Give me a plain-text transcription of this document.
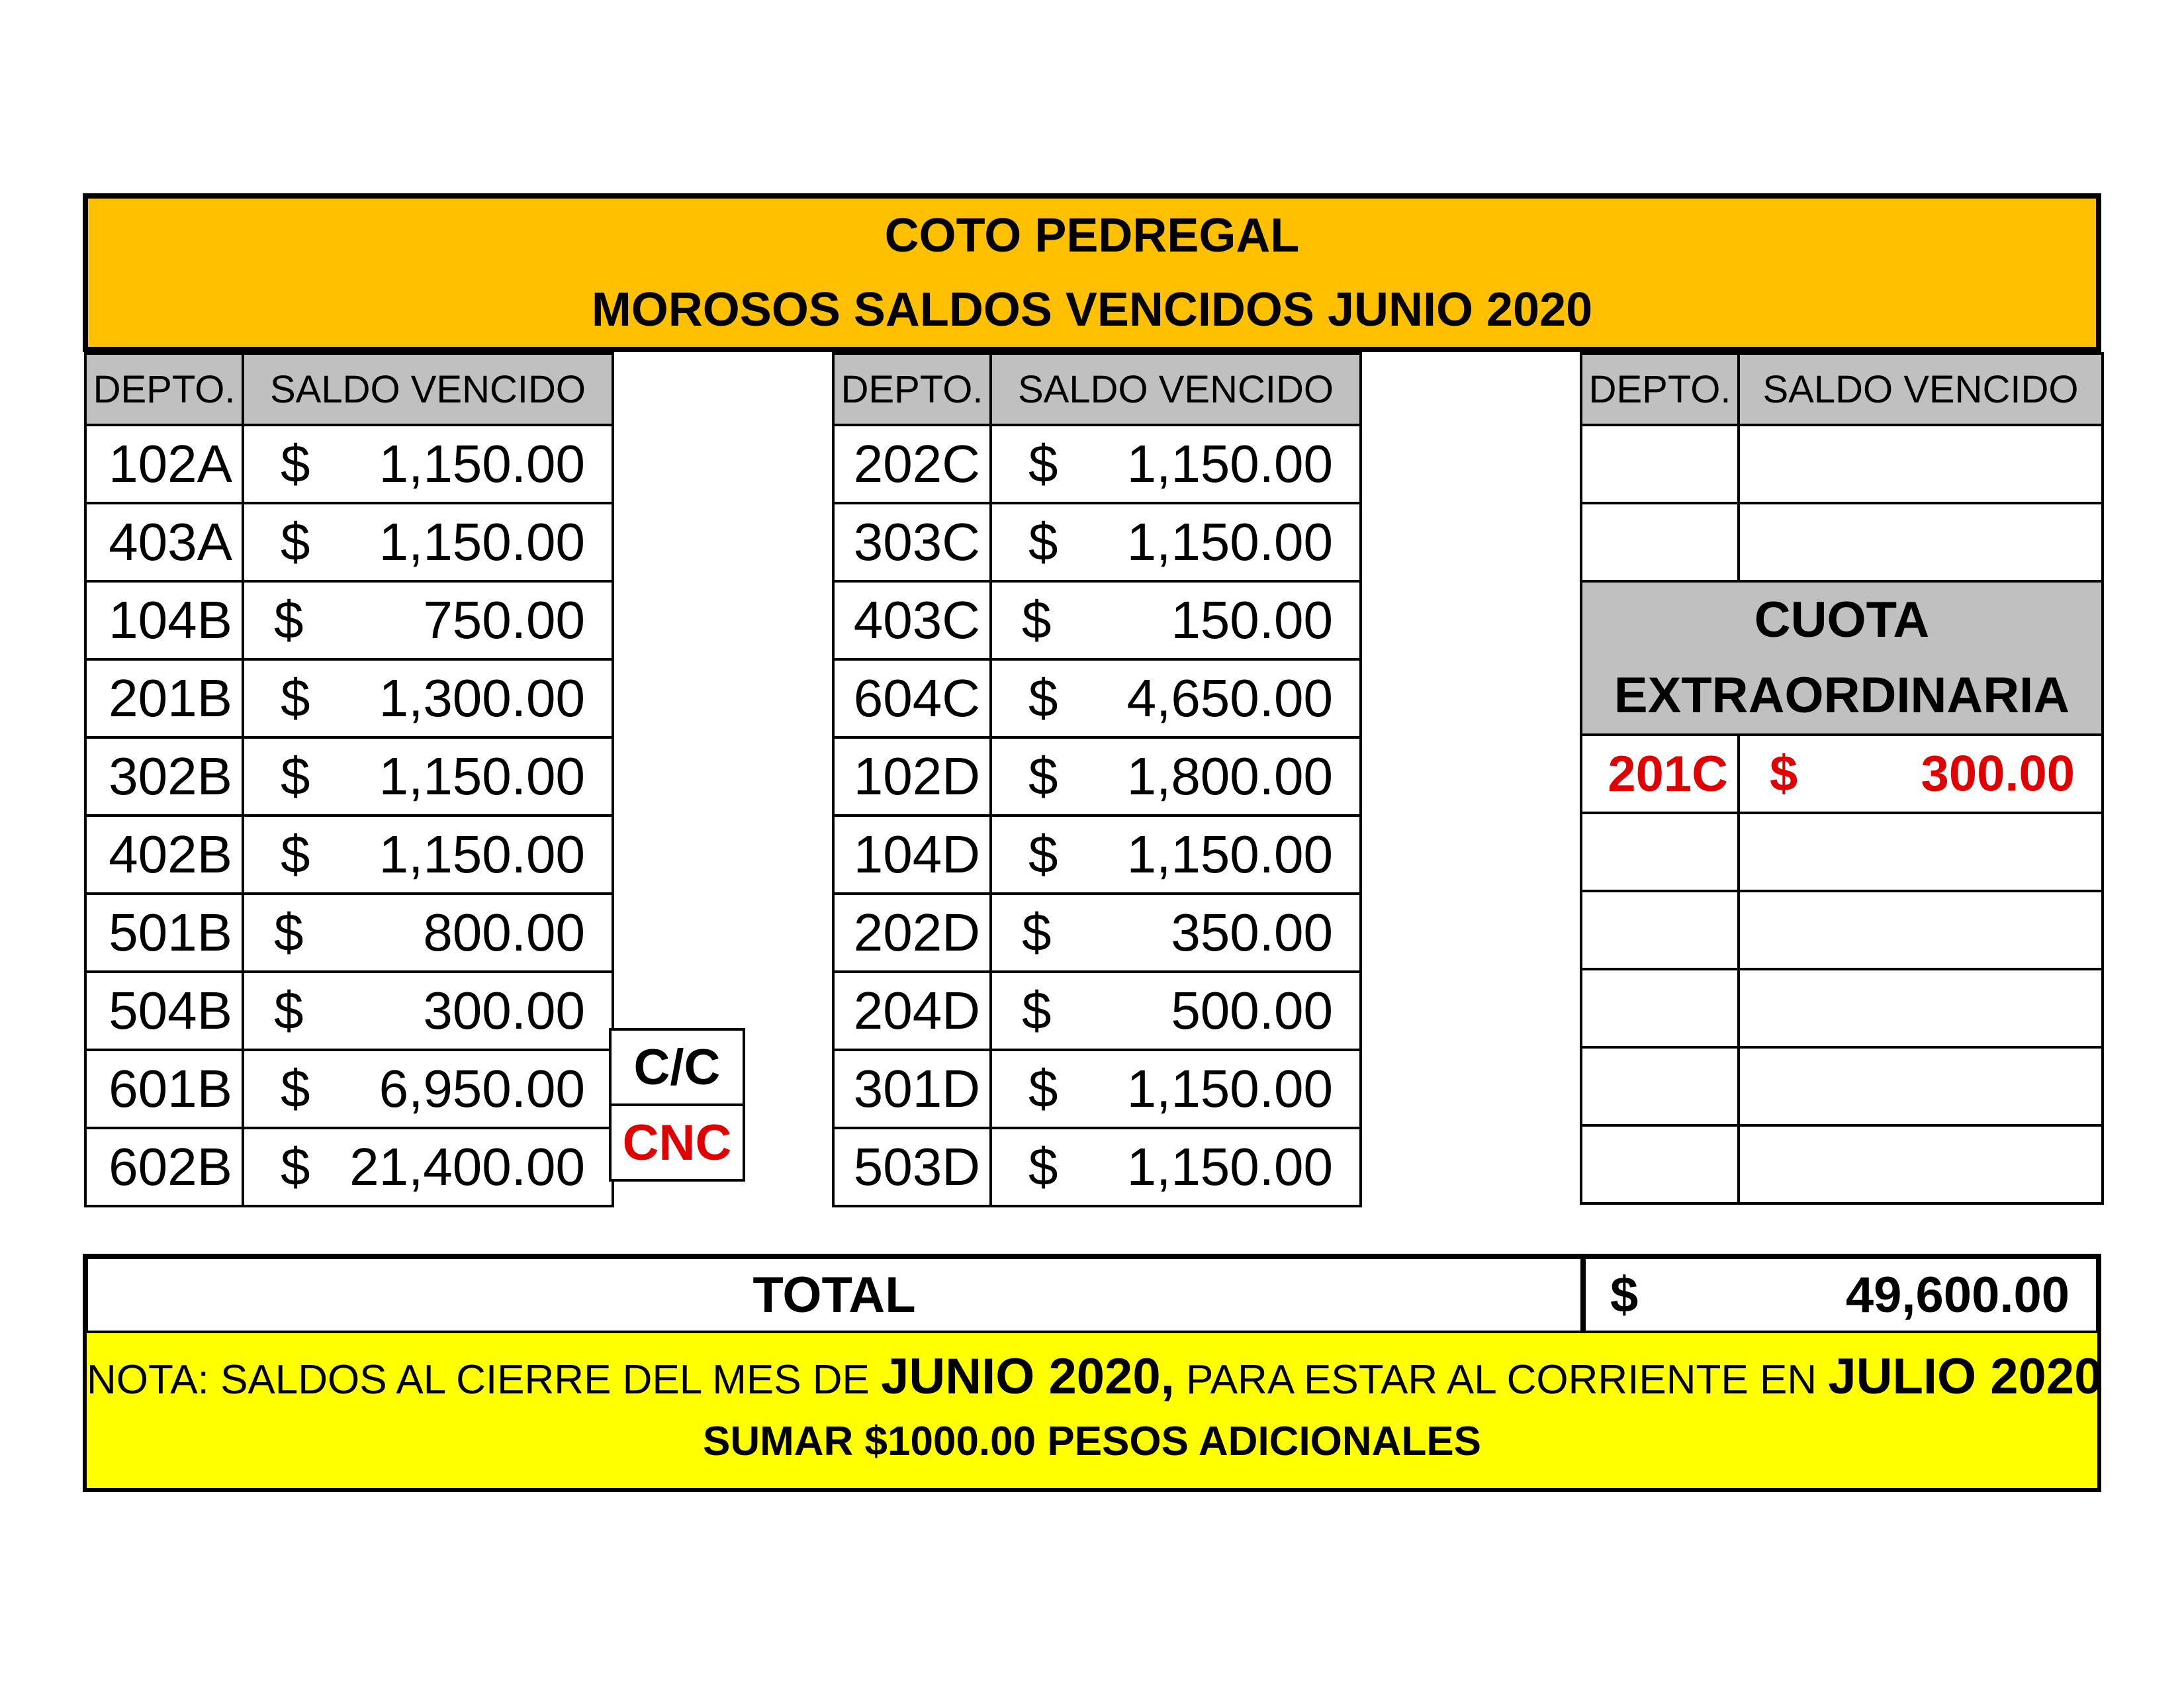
COTO PEDREGAL
MOROSOS SALDOS VENCIDOS JUNIO 2020
DEPTO.	SALDO VENCIDO
102A	$ 1,150.00

403A	$ 1,150.00

104B	$ 750.00

201B	$ 1,300.00

302B	$ 1,150.00

402B	$ 1,150.00

501B	$ 800.00

504B	$ 300.00

601B	$ 6,950.00

602B	$ 21,400.00
C/C
CNC
DEPTO.	SALDO VENCIDO
202C	$ 1,150.00

303C	$ 1,150.00

403C	$ 150.00

604C	$ 4,650.00

102D	$ 1,800.00

104D	$ 1,150.00

202D	$ 350.00

204D	$ 500.00

301D	$ 1,150.00

503D	$ 1,150.00
DEPTO.	SALDO VENCIDO

CUOTA
EXTRAORDINARIA	

201C	$ 300.00

TOTAL	$	49,600.00
NOTA: SALDOS AL CIERRE DEL MES DE JUNIO 2020, PARA ESTAR AL CORRIENTE EN JULIO 2020
SUMAR $1000.00 PESOS ADICIONALES
